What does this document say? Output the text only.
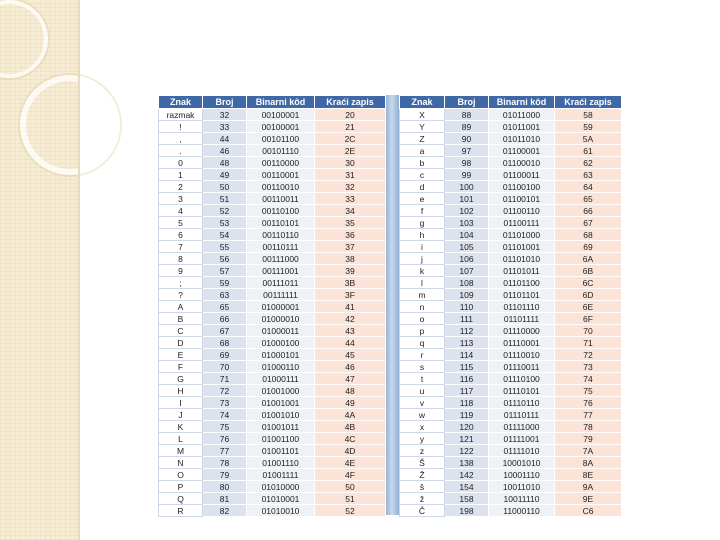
Znak	Broj	Binarni kôd	Kraći zapis
razmak	32	00100001	20
!	33	00100001	21
,	44	00101100	2C
.	46	00101110	2E
0	48	00110000	30
1	49	00110001	31
2	50	00110010	32
3	51	00110011	33
4	52	00110100	34
5	53	00110101	35
6	54	00110110	36
7	55	00110111	37
8	56	00111000	38
9	57	00111001	39
;	59	00111011	3B
?	63	00111111	3F
A	65	01000001	41
B	66	01000010	42
C	67	01000011	43
D	68	01000100	44
E	69	01000101	45
F	70	01000110	46
G	71	01000111	47
H	72	01001000	48
I	73	01001001	49
J	74	01001010	4A
K	75	01001011	4B
L	76	01001100	4C
M	77	01001101	4D
N	78	01001110	4E
O	79	01001111	4F
P	80	01010000	50
Q	81	01010001	51
R	82	01010010	52
Znak	Broj	Binarni kôd	Kraći zapis
X	88	01011000	58
Y	89	01011001	59
Z	90	01011010	5A
a	97	01100001	61
b	98	01100010	62
c	99	01100011	63
d	100	01100100	64
e	101	01100101	65
f	102	01100110	66
g	103	01100111	67
h	104	01101000	68
i	105	01101001	69
j	106	01101010	6A
k	107	01101011	6B
l	108	01101100	6C
m	109	01101101	6D
n	110	01101110	6E
o	111	01101111	6F
p	112	01110000	70
q	113	01110001	71
r	114	01110010	72
s	115	01110011	73
t	116	01110100	74
u	117	01110101	75
v	118	01110110	76
w	119	01110111	77
x	120	01111000	78
y	121	01111001	79
z	122	01111010	7A
Š	138	10001010	8A
Ž	142	10001110	8E
š	154	10011010	9A
ž	158	10011110	9E
Č	198	11000110	C6
